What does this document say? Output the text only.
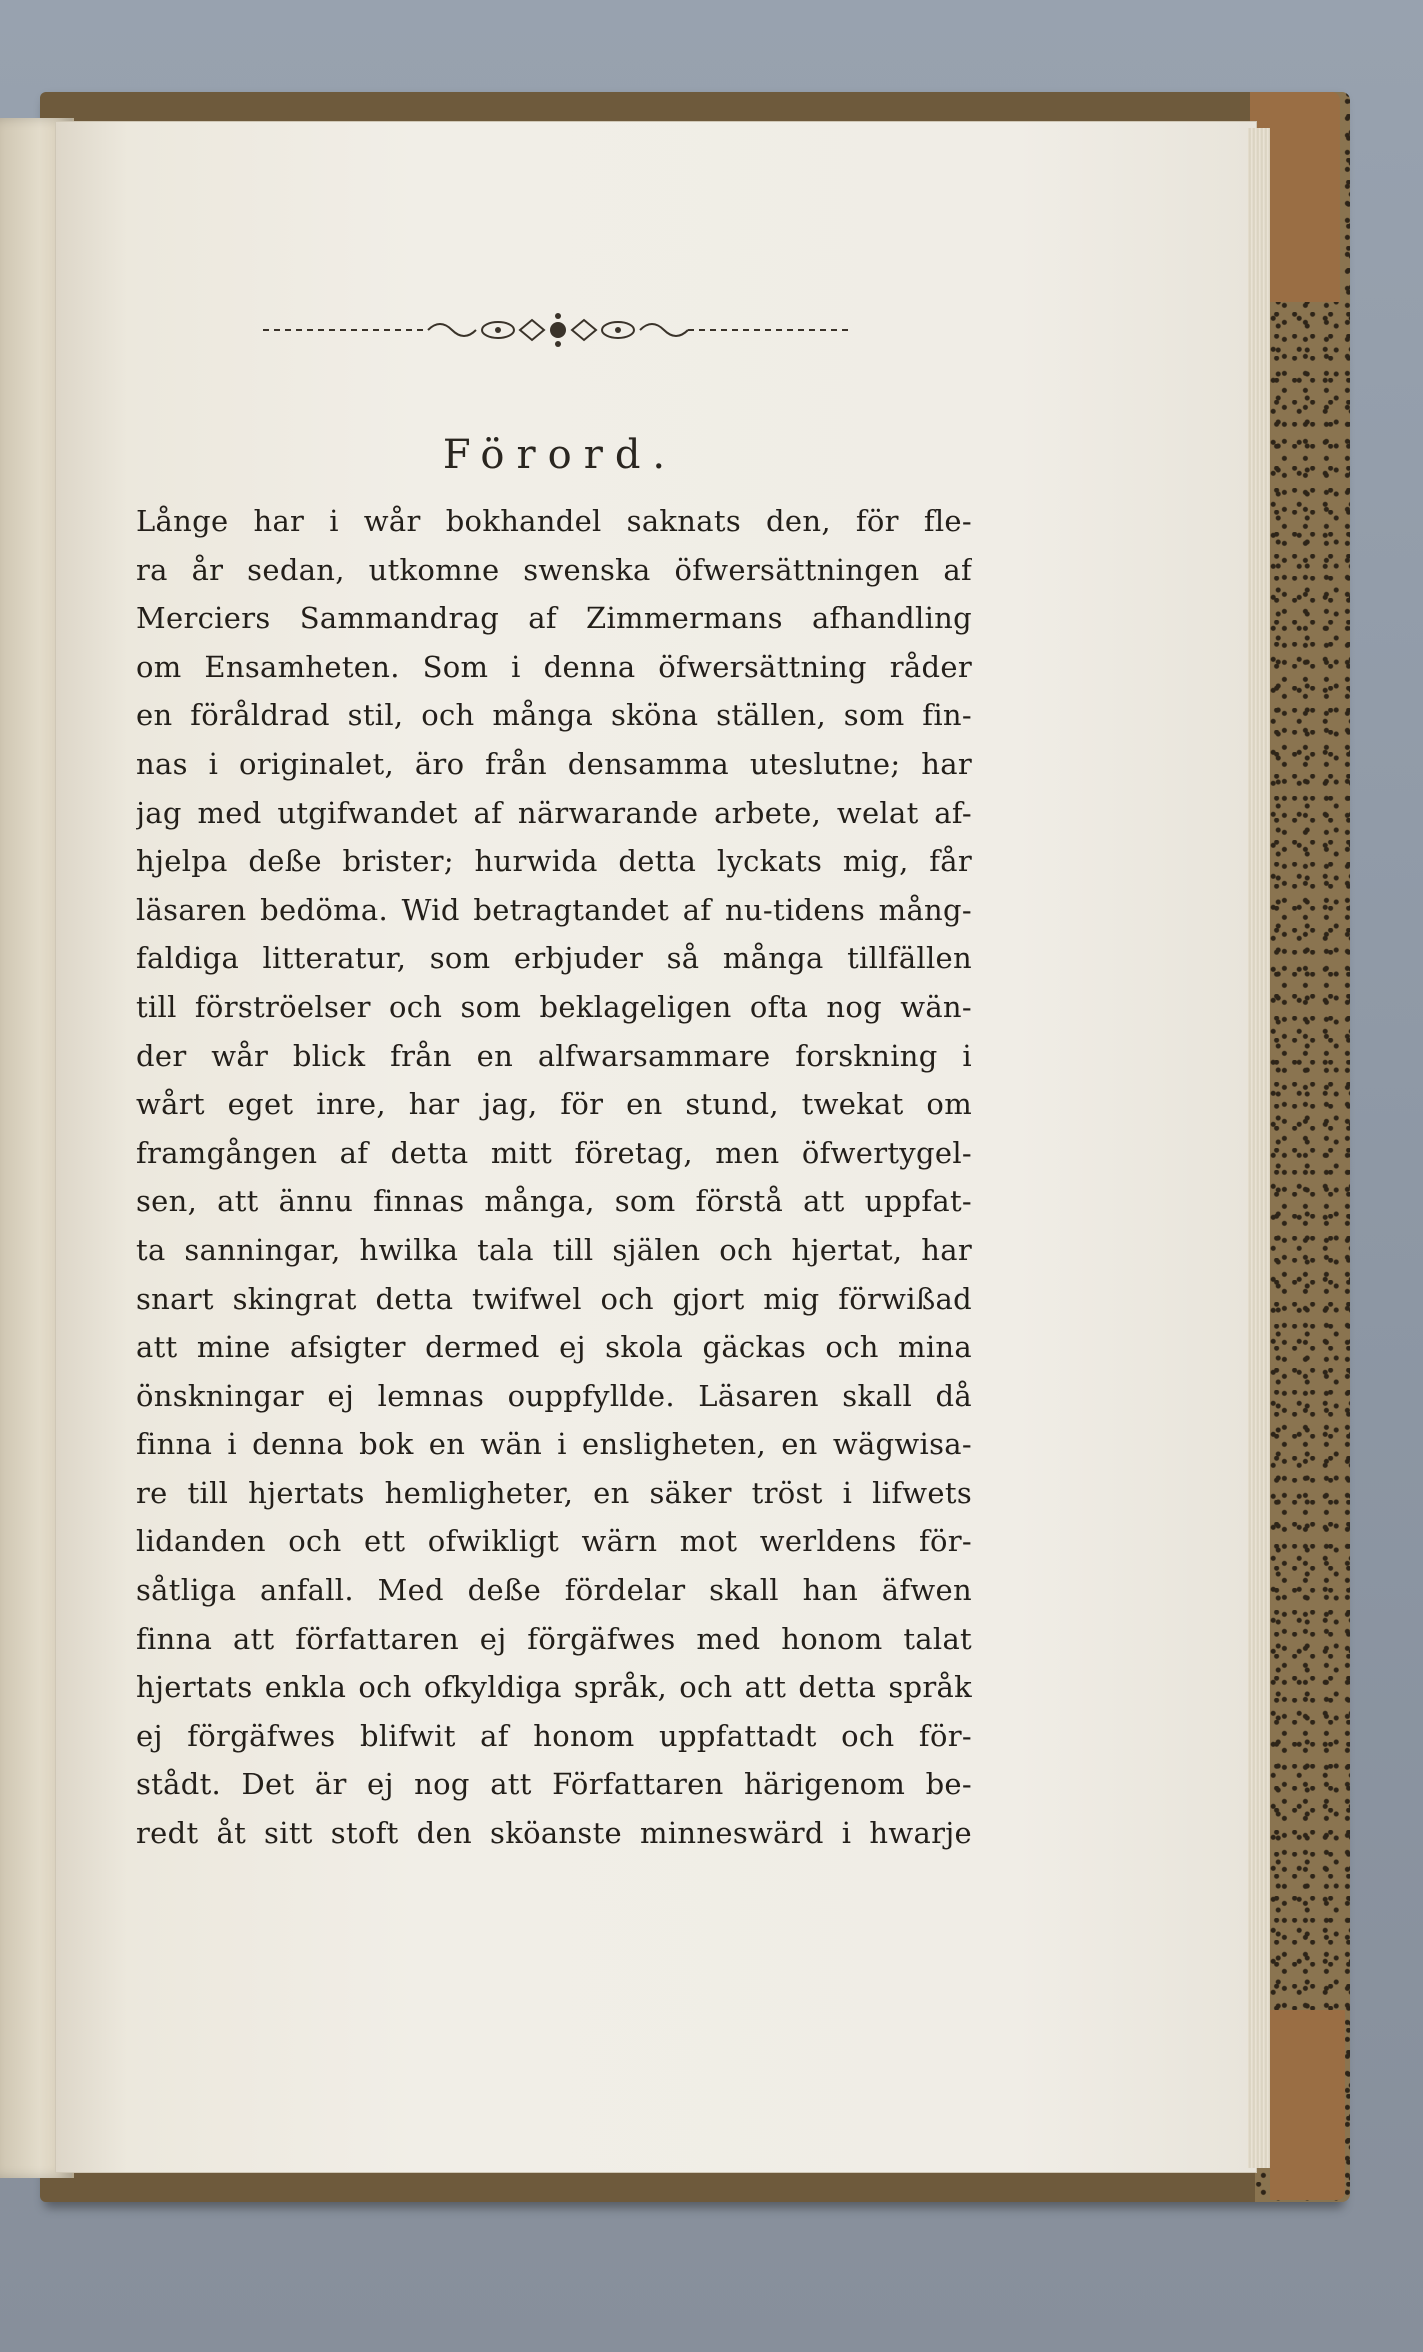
Förord.
Långe har i wår bokhandel saknats den, för fle-
ra år sedan, utkomne swenska öfwersättningen af
Merciers Sammandrag af Zimmermans afhandling
om Ensamheten. Som i denna öfwersättning råder
en föråldrad stil, och många sköna ställen, som fin-
nas i originalet, äro från densamma uteslutne; har
jag med utgifwandet af närwarande arbete, welat af-
hjelpa deße brister; hurwida detta lyckats mig, får
läsaren bedöma. Wid betragtandet af nu-tidens mång-
faldiga litteratur, som erbjuder så många tillfällen
till förströelser och som beklageligen ofta nog wän-
der wår blick från en alfwarsammare forskning i
wårt eget inre, har jag, för en stund, twekat om
framgången af detta mitt företag, men öfwertygel-
sen, att ännu finnas många, som förstå att uppfat-
ta sanningar, hwilka tala till själen och hjertat, har
snart skingrat detta twifwel och gjort mig förwißad
att mine afsigter dermed ej skola gäckas och mina
önskningar ej lemnas ouppfyllde. Läsaren skall då
finna i denna bok en wän i ensligheten, en wägwisa-
re till hjertats hemligheter, en säker tröst i lifwets
lidanden och ett ofwikligt wärn mot werldens för-
såtliga anfall. Med deße fördelar skall han äfwen
finna att författaren ej förgäfwes med honom talat
hjertats enkla och ofkyldiga språk, och att detta språk
ej förgäfwes blifwit af honom uppfattadt och för-
stådt. Det är ej nog att Författaren härigenom be-
redt åt sitt stoft den sköanste minneswärd i hwarje
